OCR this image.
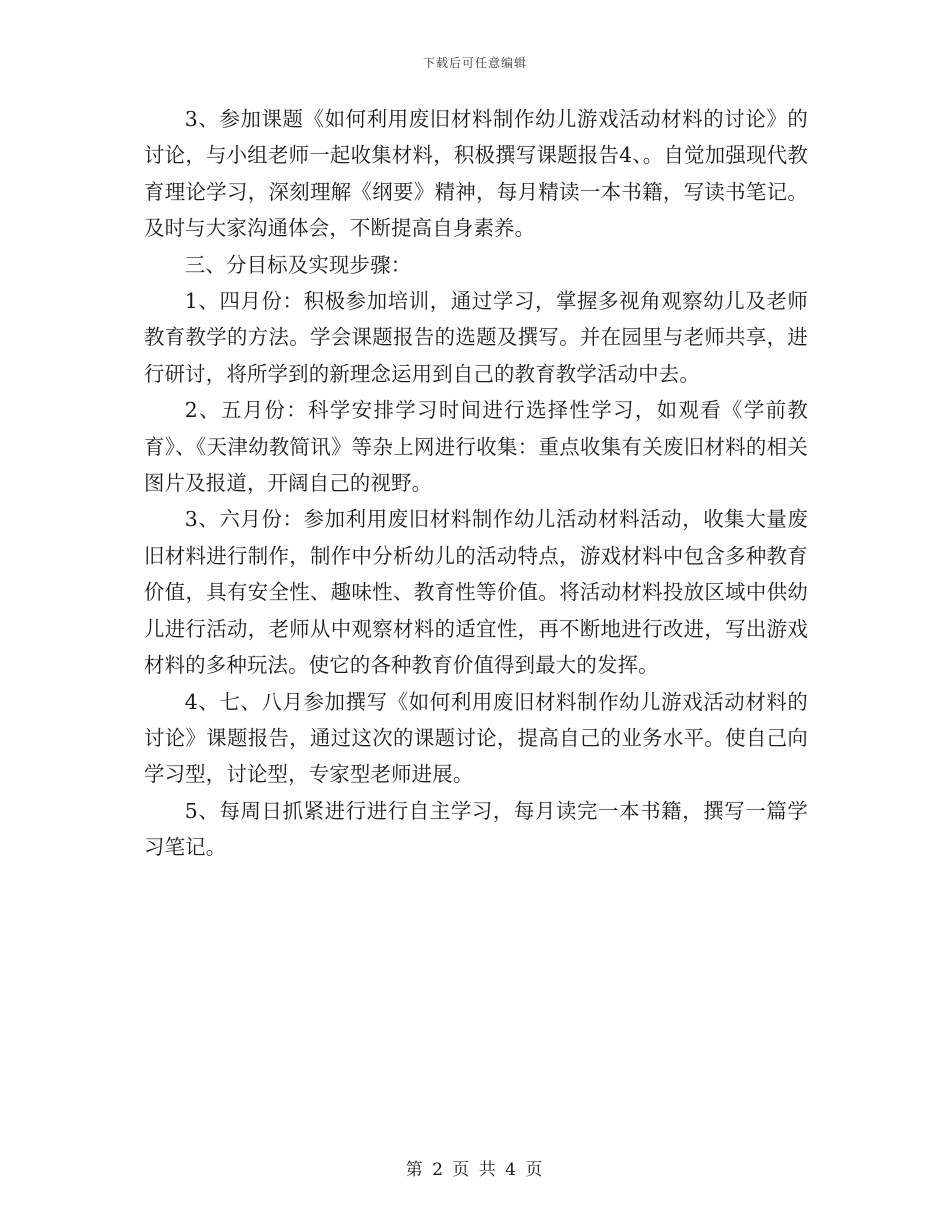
下载后可任意编辑

3、参加课题《如何利用废旧材料制作幼儿游戏活动材料的讨论》的讨论，与小组老师一起收集材料，积极撰写课题报告4、。自觉加强现代教育理论学习，深刻理解《纲要》精神，每月精读一本书籍，写读书笔记。及时与大家沟通体会，不断提高自身素养。

三、分目标及实现步骤：

1、四月份：积极参加培训，通过学习，掌握多视角观察幼儿及老师教育教学的方法。学会课题报告的选题及撰写。并在园里与老师共享，进行研讨，将所学到的新理念运用到自己的教育教学活动中去。

2、五月份：科学安排学习时间进行选择性学习，如观看《学前教育》、《天津幼教简讯》等杂上网进行收集：重点收集有关废旧材料的相关图片及报道，开阔自己的视野。

3、六月份：参加利用废旧材料制作幼儿活动材料活动，收集大量废旧材料进行制作，制作中分析幼儿的活动特点，游戏材料中包含多种教育价值，具有安全性、趣味性、教育性等价值。将活动材料投放区域中供幼儿进行活动，老师从中观察材料的适宜性，再不断地进行改进，写出游戏材料的多种玩法。使它的各种教育价值得到最大的发挥。

4、七、八月参加撰写《如何利用废旧材料制作幼儿游戏活动材料的讨论》课题报告，通过这次的课题讨论，提高自己的业务水平。使自己向学习型，讨论型，专家型老师进展。

5、每周日抓紧进行进行自主学习，每月读完一本书籍，撰写一篇学习笔记。

第 2 页 共 4 页
